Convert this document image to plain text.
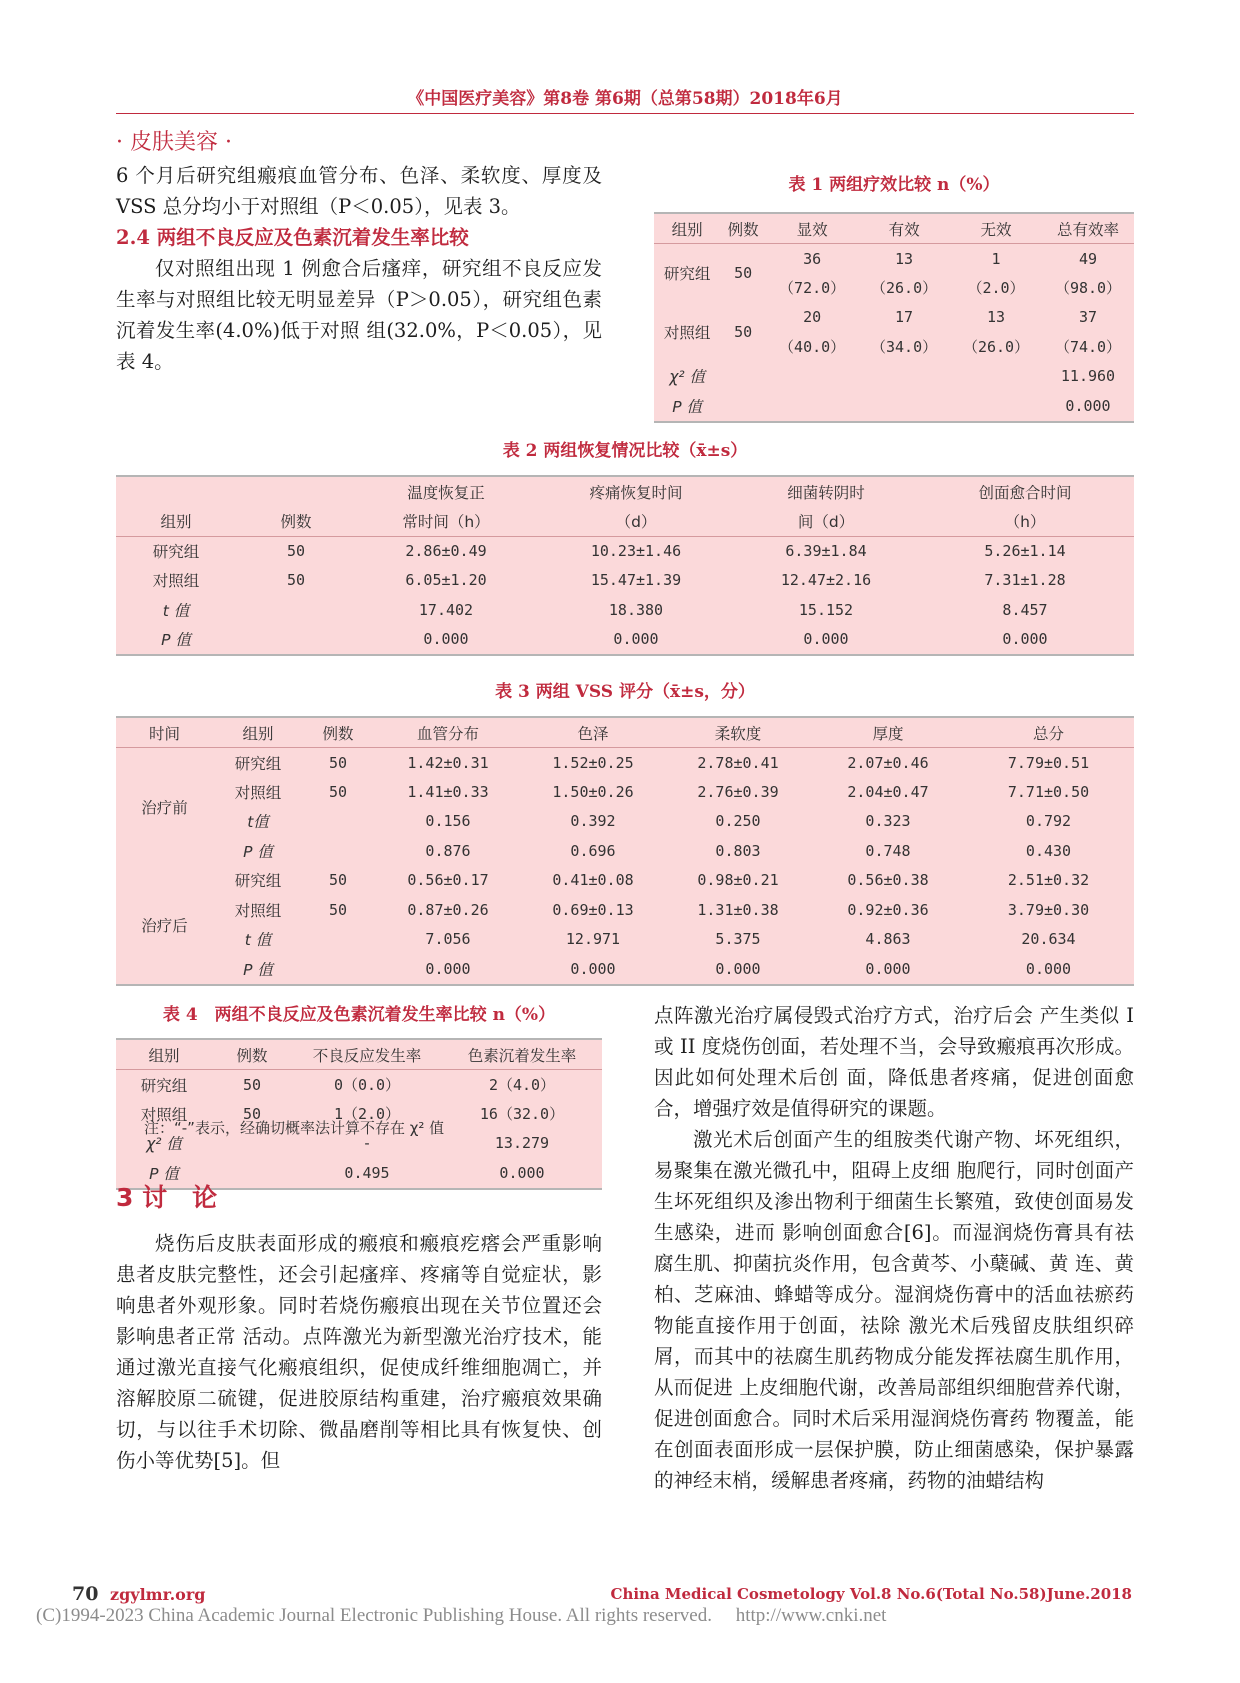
《中国医疗美容》第8卷 第6期（总第58期）2018年6月
· 皮肤美容 ·

6 个月后研究组瘢痕血管分布、色泽、柔软度、厚度及 VSS 总分均小于对照组（P＜0.05），见表 3。

2.4 两组不良反应及色素沉着发生率比较

仅对照组出现 1 例愈合后瘙痒，研究组不良反应发生率与对照组比较无明显差异（P＞0.05），研究组色素沉着发生率(4.0%)低于对照 组(32.0%，P＜0.05），见表 4。

表 1 两组疗效比较 n（%）
组别	例数	显效	有效	无效	总有效率
研究组	50	36	13	1	49
		（72.0）	（26.0）	（2.0）	（98.0）
对照组	50	20	17	13	37
		（40.0）	（34.0）	（26.0）	（74.0）
χ² 值					11.960
P 值					0.000
表 2 两组恢复情况比较（x̄±s）
		温度恢复正	疼痛恢复时间	细菌转阴时	创面愈合时间
组别	例数	常时间（h）	（d）	间（d）	（h）
研究组	50	2.86±0.49	10.23±1.46	6.39±1.84	5.26±1.14
对照组	50	6.05±1.20	15.47±1.39	12.47±2.16	7.31±1.28
t 值		17.402	18.380	15.152	8.457
P 值		0.000	0.000	0.000	0.000
表 3 两组 VSS 评分（x̄±s，分）
时间	组别	例数	血管分布	色泽	柔软度	厚度	总分
治疗前	研究组	50	1.42±0.31	1.52±0.25	2.78±0.41	2.07±0.46	7.79±0.51
	对照组	50	1.41±0.33	1.50±0.26	2.76±0.39	2.04±0.47	7.71±0.50
	t值		0.156	0.392	0.250	0.323	0.792
	P 值		0.876	0.696	0.803	0.748	0.430
治疗后	研究组	50	0.56±0.17	0.41±0.08	0.98±0.21	0.56±0.38	2.51±0.32
	对照组	50	0.87±0.26	0.69±0.13	1.31±0.38	0.92±0.36	3.79±0.30
	t 值		7.056	12.971	5.375	4.863	20.634
	P 值		0.000	0.000	0.000	0.000	0.000
表 4　两组不良反应及色素沉着发生率比较 n（%）
组别	例数	不良反应发生率	色素沉着发生率
研究组	50	0（0.0）	2（4.0）
对照组	50	1（2.0）	16（32.0）
χ² 值		-	13.279
P 值		0.495	0.000
注：“-”表示，经确切概率法计算不存在 χ² 值

3 讨　论

烧伤后皮肤表面形成的瘢痕和瘢痕疙瘩会严重影响患者皮肤完整性，还会引起瘙痒、疼痛等自觉症状，影响患者外观形象。同时若烧伤瘢痕出现在关节位置还会影响患者正常 活动。点阵激光为新型激光治疗技术，能通过激光直接气化瘢痕组织，促使成纤维细胞凋亡，并溶解胶原二硫键，促进胶原结构重建，治疗瘢痕效果确切，与以往手术切除、微晶磨削等相比具有恢复快、创伤小等优势[5]。但

点阵激光治疗属侵毁式治疗方式，治疗后会 产生类似 I 或 II 度烧伤创面，若处理不当，会导致瘢痕再次形成。因此如何处理术后创 面，降低患者疼痛，促进创面愈合，增强疗效是值得研究的课题。

激光术后创面产生的组胺类代谢产物、坏死组织，易聚集在激光微孔中，阻碍上皮细 胞爬行，同时创面产生坏死组织及渗出物利于细菌生长繁殖，致使创面易发生感染，进而 影响创面愈合[6]。而湿润烧伤膏具有祛腐生肌、抑菌抗炎作用，包含黄芩、小蘖碱、黄 连、黄柏、芝麻油、蜂蜡等成分。湿润烧伤膏中的活血祛瘀药物能直接作用于创面，祛除 激光术后残留皮肤组织碎屑，而其中的祛腐生肌药物成分能发挥祛腐生肌作用，从而促进 上皮细胞代谢，改善局部组织细胞营养代谢，促进创面愈合。同时术后采用湿润烧伤膏药 物覆盖，能在创面表面形成一层保护膜，防止细菌感染，保护暴露的神经末梢，缓解患者疼痛，药物的油蜡结构

70 zgylmr.org	China Medical Cosmetology Vol.8 No.6(Total No.58)June.2018
(C)1994-2023 China Academic Journal Electronic Publishing House. All rights reserved.　 http://www.cnki.net
